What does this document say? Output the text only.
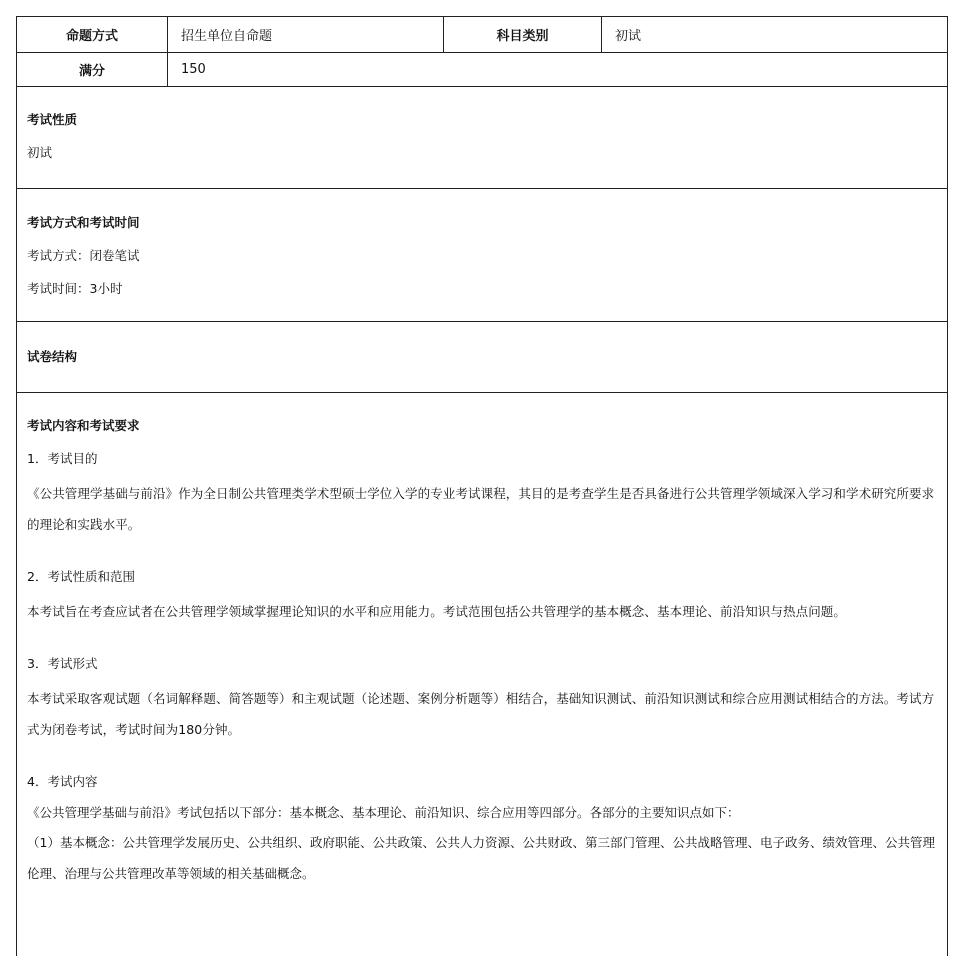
命题方式	招生单位自命题	科目类别	初试
满分	150
考试性质
初试
考试方式和考试时间
考试方式：闭卷笔试
考试时间：3小时
试卷结构
考试内容和考试要求
1．考试目的
《公共管理学基础与前沿》作为全日制公共管理类学术型硕士学位入学的专业考试课程，其目的是考查学生是否具备进行公共管理学领域深入学习和学术研究所要求的理论和实践水平。
2．考试性质和范围
本考试旨在考查应试者在公共管理学领域掌握理论知识的水平和应用能力。考试范围包括公共管理学的基本概念、基本理论、前沿知识与热点问题。
3．考试形式
本考试采取客观试题（名词解释题、简答题等）和主观试题（论述题、案例分析题等）相结合，基础知识测试、前沿知识测试和综合应用测试相结合的方法。考试方式为闭卷考试，考试时间为180分钟。
4．考试内容
《公共管理学基础与前沿》考试包括以下部分：基本概念、基本理论、前沿知识、综合应用等四部分。各部分的主要知识点如下：
（1）基本概念：公共管理学发展历史、公共组织、政府职能、公共政策、公共人力资源、公共财政、第三部门管理、公共战略管理、电子政务、绩效管理、公共管理伦理、治理与公共管理改革等领域的相关基础概念。
